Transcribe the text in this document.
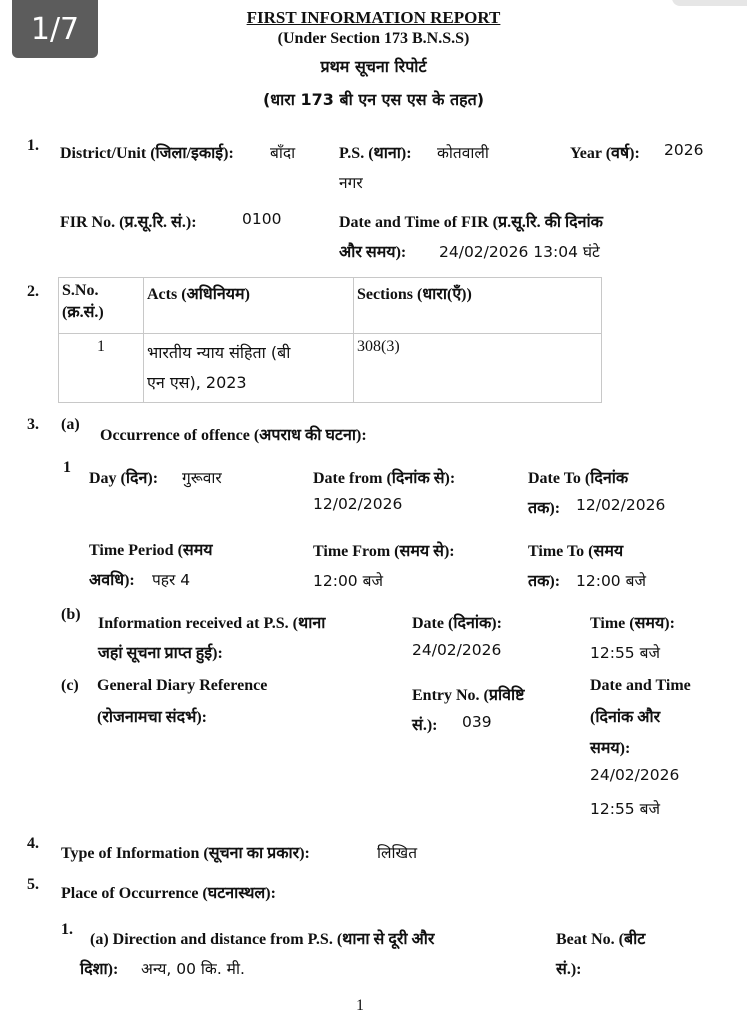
1/7	FIRST INFORMATION REPORT
(Under Section 173 B.N.S.S)
प्रथम सूचना रिपोर्ट
(धारा 173 बी एन एस एस के तहत)
1. District/Unit (जिला/इकाई): बाँदा	P.S. (थाना): कोतवाली
नगर
Year (वर्ष): 2026
FIR No. (प्र.सू.रि. सं.):	0100	Date and Time of FIR (प्र.सू.रि. की दिनांक
और समय): 24/02/2026 13:04 घंटे
2. S.No.
(क्र.सं.)	Acts (अधिनियम)	Sections (धारा(एँ))
1	भारतीय न्याय संहिता (बी
एन एस), 2023	308(3)
3. (a)
Occurrence of offence (अपराध की घटना):
1
Day (दिन): गुरूवार	Date from (दिनांक से):
12/02/2026
Date To (दिनांक
तक): 12/02/2026
Time Period (समय
अवधि): पहर 4
Time From (समय से):
12:00 बजे
Time To (समय
तक): 12:00 बजे
(b)
Information received at P.S. (थाना
जहां सूचना प्राप्त हुई):
Date (दिनांक):
24/02/2026
Time (समय):
12:55 बजे
(c) General Diary Reference
(रोजनामचा संदर्भ):
Entry No. (प्रविष्टि
सं.): 039
Date and Time
(दिनांक और
समय):
24/02/2026
12:55 बजे
4.
Type of Information (सूचना का प्रकार):	लिखित
5.
Place of Occurrence (घटनास्थल):
1.
(a) Direction and distance from P.S. (थाना से दूरी और
दिशा): अन्य, 00 कि. मी.
Beat No. (बीट
सं.):
1
